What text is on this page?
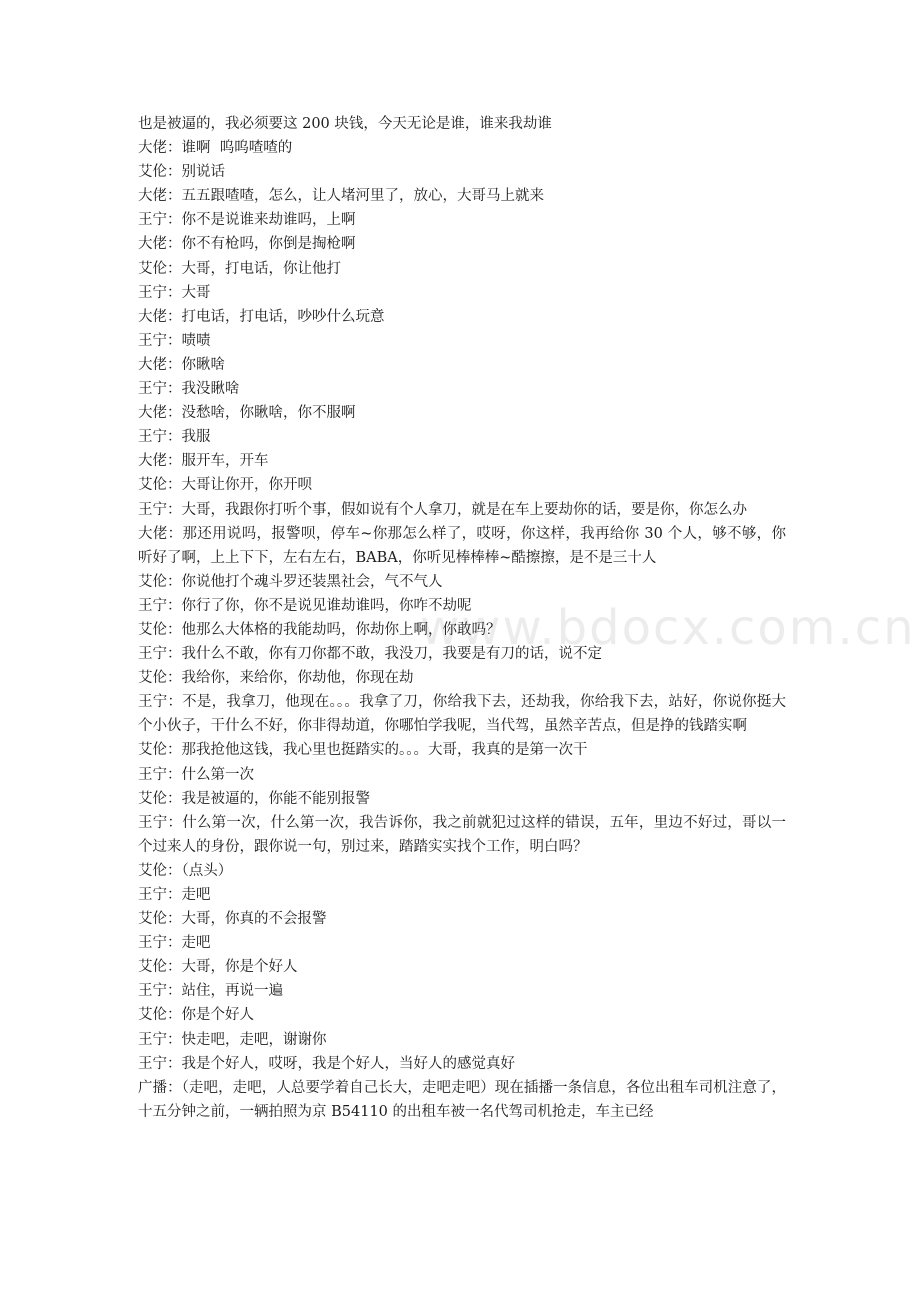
www.bdocx.com.cn
也是被逼的，我必须要这 200 块钱，今天无论是谁，谁来我劫谁
大佬：谁啊  呜呜喳喳的
艾伦：别说话
大佬：五五跟喳喳，怎么，让人堵河里了，放心，大哥马上就来
王宁：你不是说谁来劫谁吗，上啊
大佬：你不有枪吗，你倒是掏枪啊
艾伦：大哥，打电话，你让他打
王宁：大哥
大佬：打电话，打电话，吵吵什么玩意
王宁：啧啧
大佬：你瞅啥
王宁：我没瞅啥
大佬：没愁啥，你瞅啥，你不服啊
王宁：我服
大佬：服开车，开车
艾伦：大哥让你开，你开呗
王宁：大哥，我跟你打听个事，假如说有个人拿刀，就是在车上要劫你的话，要是你，你怎么办
大佬：那还用说吗，报警呗，停车~你那怎么样了，哎呀，你这样，我再给你 30 个人，够不够，你听好了啊，上上下下，左右左右，BABA，你听见棒棒棒~酷擦擦，是不是三十人
艾伦：你说他打个魂斗罗还装黑社会，气不气人
王宁：你行了你，你不是说见谁劫谁吗，你咋不劫呢
艾伦：他那么大体格的我能劫吗，你劫你上啊，你敢吗？
王宁：我什么不敢，你有刀你都不敢，我没刀，我要是有刀的话，说不定
艾伦：我给你，来给你，你劫他，你现在劫
王宁：不是，我拿刀，他现在。。。我拿了刀，你给我下去，还劫我，你给我下去，站好，你说你挺大个小伙子，干什么不好，你非得劫道，你哪怕学我呢，当代驾，虽然辛苦点，但是挣的钱踏实啊
艾伦：那我抢他这钱，我心里也挺踏实的。。。大哥，我真的是第一次干
王宁：什么第一次
艾伦：我是被逼的，你能不能别报警
王宁：什么第一次，什么第一次，我告诉你，我之前就犯过这样的错误，五年，里边不好过，哥以一个过来人的身份，跟你说一句，别过来，踏踏实实找个工作，明白吗？
艾伦：（点头）
王宁：走吧
艾伦：大哥，你真的不会报警
王宁：走吧
艾伦：大哥，你是个好人
王宁：站住，再说一遍
艾伦：你是个好人
王宁：快走吧，走吧，谢谢你
王宁：我是个好人，哎呀，我是个好人，当好人的感觉真好
广播：（走吧，走吧，人总要学着自己长大，走吧走吧）现在插播一条信息，各位出租车司机注意了，十五分钟之前，一辆拍照为京 B54110 的出租车被一名代驾司机抢走，车主已经
